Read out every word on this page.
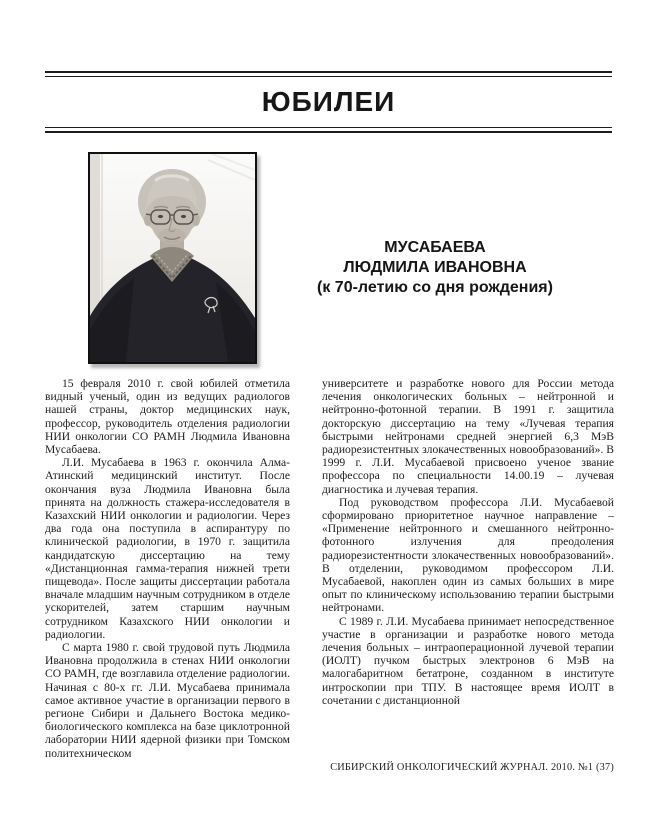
ЮБИЛЕИ
МУСАБАЕВА
ЛЮДМИЛА ИВАНОВНА
(к 70-летию со дня рождения)

15 февраля 2010 г. свой юбилей отметила видный ученый, один из ведущих радиологов нашей страны, доктор медицинских наук, профессор, руководитель отделения радиологии НИИ онкологии СО РАМН Людмила Ивановна Мусабаева.

Л.И. Мусабаева в 1963 г. окончила Алма-Атинский медицинский институт. После окончания вуза Людмила Ивановна была принята на должность стажера-исследователя в Казахский НИИ онкологии и радиологии. Через два года она поступила в аспирантуру по клинической радиологии, в 1970 г. защитила кандидатскую диссертацию на тему «Дистанционная гамма-терапия нижней трети пищевода». После защиты диссертации работала вначале младшим научным сотрудником в отделе ускорителей, затем старшим научным сотрудником Казахского НИИ онкологии и радиологии.

С марта 1980 г. свой трудовой путь Людмила Ивановна продолжила в стенах НИИ онкологии СО РАМН, где возглавила отделение радиологии. Начиная с 80-х гг. Л.И. Мусабаева принимала самое активное участие в организации первого в регионе Сибири и Дальнего Востока медико-биологического комплекса на базе циклотронной лаборатории НИИ ядерной физики при Томском политехническом

университете и разработке нового для России метода лечения онкологических больных – нейтронной и нейтронно-фотонной терапии. В 1991 г. защитила докторскую диссертацию на тему «Лучевая терапия быстрыми нейтронами средней энергией 6,3 МэВ радиорезистентных злокачественных новообразований». В 1999 г. Л.И. Мусабаевой присвоено ученое звание профессора по специальности 14.00.19 – лучевая диагностика и лучевая терапия.

Под руководством профессора Л.И. Мусабаевой сформировано приоритетное научное направление – «Применение нейтронного и смешанного нейтронно-фотонного излучения для преодоления радиорезистентности злокачественных новообразований». В отделении, руководимом профессором Л.И. Мусабаевой, накоплен один из самых больших в мире опыт по клиническому использованию терапии быстрыми нейтронами.

С 1989 г. Л.И. Мусабаева принимает непосредственное участие в организации и разработке нового метода лечения больных – интраоперационной лучевой терапии (ИОЛТ) пучком быстрых электронов 6 МэВ на малогабаритном бетатроне, созданном в институте интроскопии при ТПУ. В настоящее время ИОЛТ в сочетании с дистанционной

СИБИРСКИЙ ОНКОЛОГИЧЕСКИЙ ЖУРНАЛ. 2010. №1 (37)
